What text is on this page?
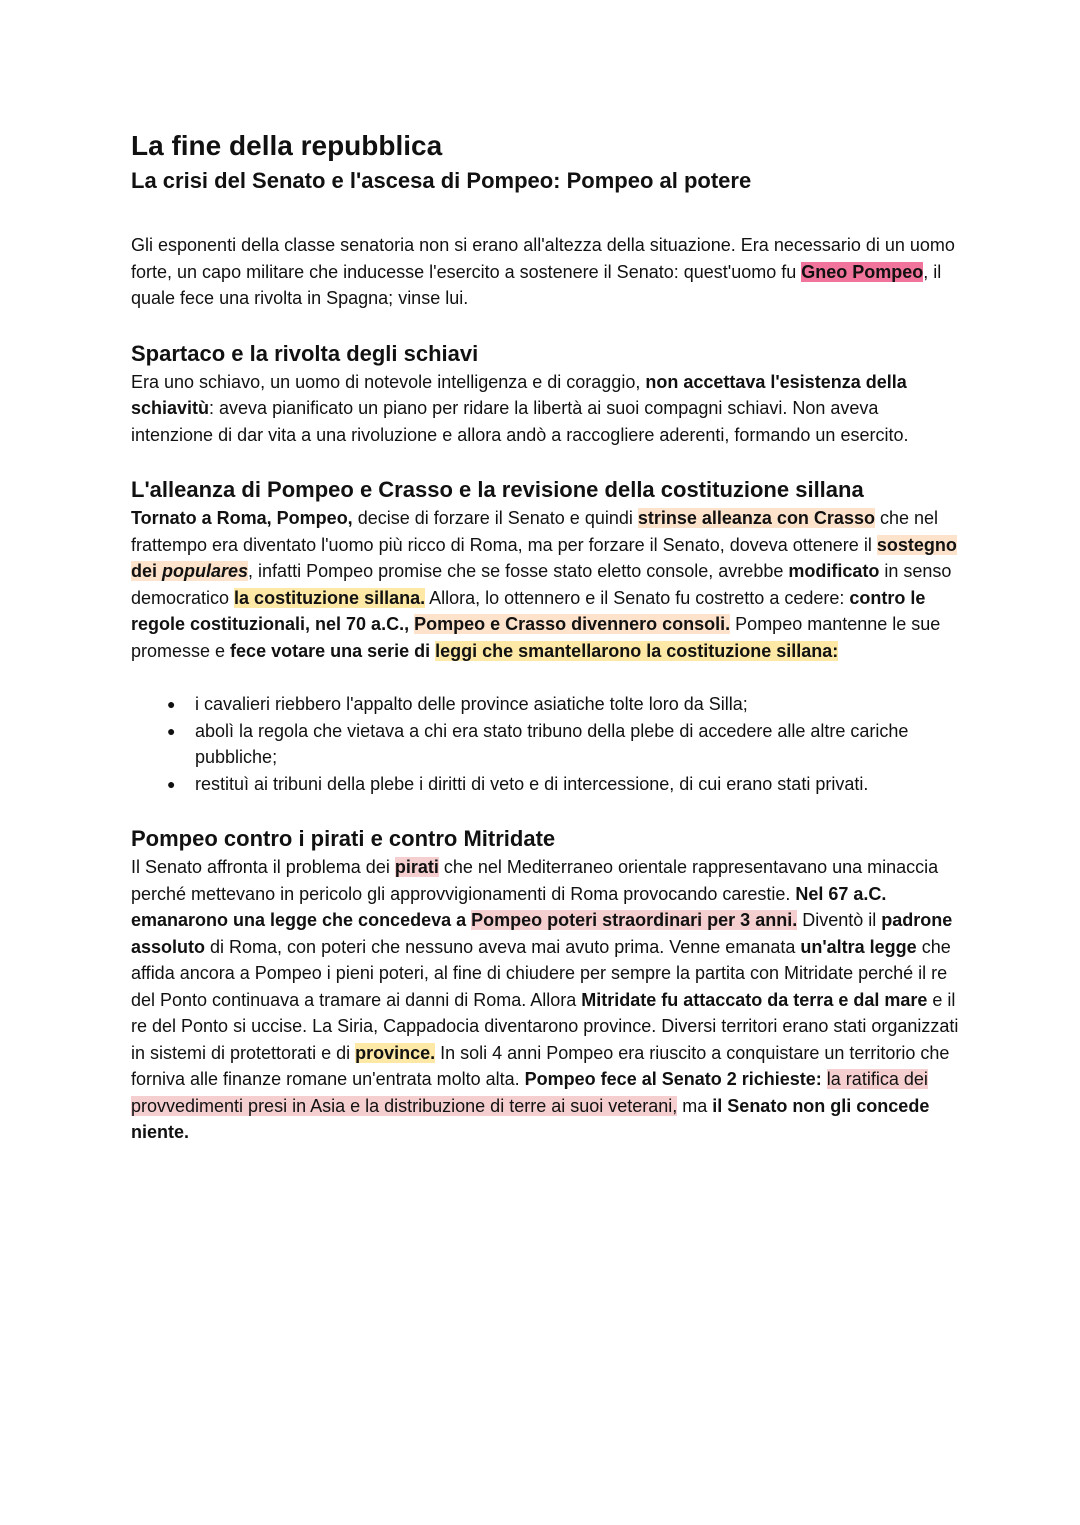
La fine della repubblica
La crisi del Senato e l'ascesa di Pompeo: Pompeo al potere

Gli esponenti della classe senatoria non si erano all'altezza della situazione. Era necessario di un uomo forte, un capo militare che inducesse l'esercito a sostenere il Senato: quest'uomo fu Gneo Pompeo, il quale fece una rivolta in Spagna; vinse lui.

Spartaco e la rivolta degli schiavi

Era uno schiavo, un uomo di notevole intelligenza e di coraggio, non accettava l'esistenza della schiavitù: aveva pianificato un piano per ridare la libertà ai suoi compagni schiavi. Non aveva intenzione di dar vita a una rivoluzione e allora andò a raccogliere aderenti, formando un esercito.

L'alleanza di Pompeo e Crasso e la revisione della costituzione sillana

Tornato a Roma, Pompeo, decise di forzare il Senato e quindi strinse alleanza con Crasso che nel frattempo era diventato l'uomo più ricco di Roma, ma per forzare il Senato, doveva ottenere il sostegno dei populares, infatti Pompeo promise che se fosse stato eletto console, avrebbe modificato in senso democratico la costituzione sillana. Allora, lo ottennero e il Senato fu costretto a cedere: contro le regole costituzionali, nel 70 a.C., Pompeo e Crasso divennero consoli. Pompeo mantenne le sue promesse e fece votare una serie di leggi che smantellarono la costituzione sillana:

● i cavalieri riebbero l'appalto delle province asiatiche tolte loro da Silla;
● abolì la regola che vietava a chi era stato tribuno della plebe di accedere alle altre cariche pubbliche;
● restituì ai tribuni della plebe i diritti di veto e di intercessione, di cui erano stati privati.
Pompeo contro i pirati e contro Mitridate

Il Senato affronta il problema dei pirati che nel Mediterraneo orientale rappresentavano una minaccia perché mettevano in pericolo gli approvvigionamenti di Roma provocando carestie. Nel 67 a.C. emanarono una legge che concedeva a Pompeo poteri straordinari per 3 anni. Diventò il padrone assoluto di Roma, con poteri che nessuno aveva mai avuto prima. Venne emanata un'altra legge che affida ancora a Pompeo i pieni poteri, al fine di chiudere per sempre la partita con Mitridate perché il re del Ponto continuava a tramare ai danni di Roma. Allora Mitridate fu attaccato da terra e dal mare e il re del Ponto si uccise. La Siria, Cappadocia diventarono province. Diversi territori erano stati organizzati in sistemi di protettorati e di province. In soli 4 anni Pompeo era riuscito a conquistare un territorio che forniva alle finanze romane un'entrata molto alta. Pompeo fece al Senato 2 richieste: la ratifica dei provvedimenti presi in Asia e la distribuzione di terre ai suoi veterani, ma il Senato non gli concede niente.
